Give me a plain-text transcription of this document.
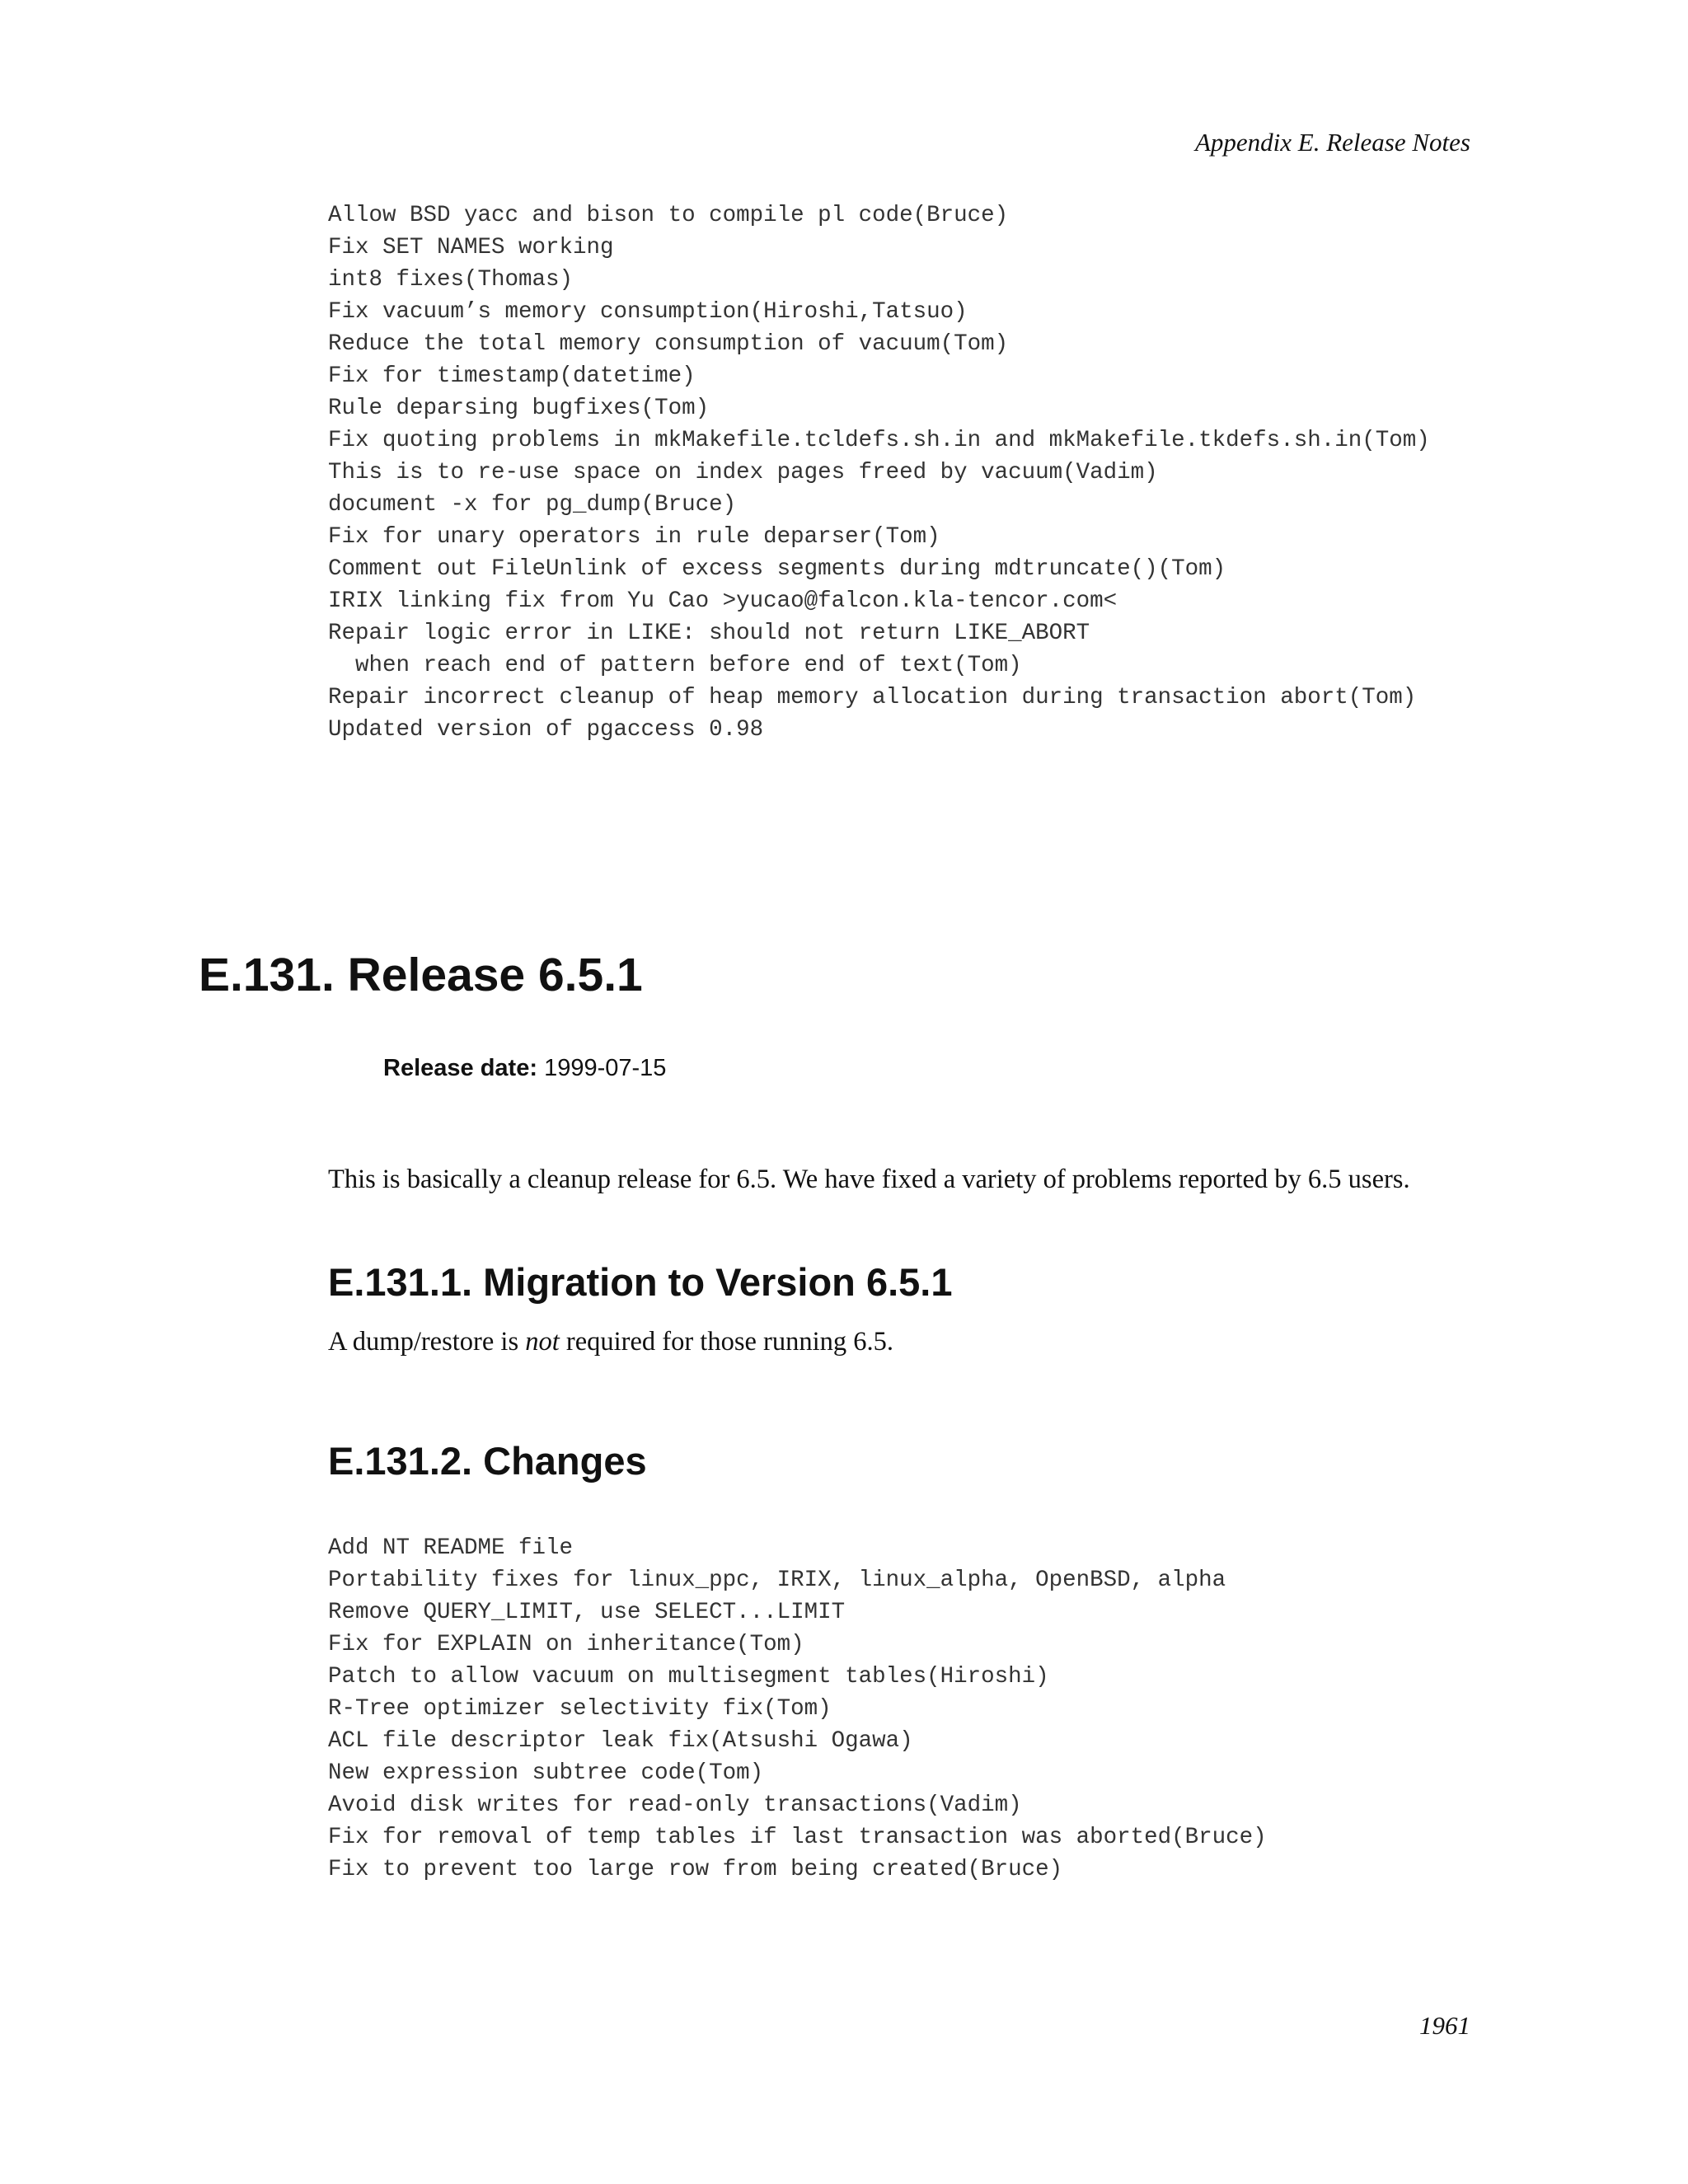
Appendix E. Release Notes
Allow BSD yacc and bison to compile pl code(Bruce)
Fix SET NAMES working
int8 fixes(Thomas)
Fix vacuum’s memory consumption(Hiroshi,Tatsuo)
Reduce the total memory consumption of vacuum(Tom)
Fix for timestamp(datetime)
Rule deparsing bugfixes(Tom)
Fix quoting problems in mkMakefile.tcldefs.sh.in and mkMakefile.tkdefs.sh.in(Tom)
This is to re-use space on index pages freed by vacuum(Vadim)
document -x for pg_dump(Bruce)
Fix for unary operators in rule deparser(Tom)
Comment out FileUnlink of excess segments during mdtruncate()(Tom)
IRIX linking fix from Yu Cao >yucao@falcon.kla-tencor.com<
Repair logic error in LIKE: should not return LIKE_ABORT
when reach end of pattern before end of text(Tom)
Repair incorrect cleanup of heap memory allocation during transaction abort(Tom)
Updated version of pgaccess 0.98
E.131. Release 6.5.1
Release date: 1999-07-15

This is basically a cleanup release for 6.5. We have fixed a variety of problems reported by 6.5 users.

E.131.1. Migration to Version 6.5.1

A dump/restore is not required for those running 6.5.

E.131.2. Changes
Add NT README file
Portability fixes for linux_ppc, IRIX, linux_alpha, OpenBSD, alpha
Remove QUERY_LIMIT, use SELECT...LIMIT
Fix for EXPLAIN on inheritance(Tom)
Patch to allow vacuum on multisegment tables(Hiroshi)
R-Tree optimizer selectivity fix(Tom)
ACL file descriptor leak fix(Atsushi Ogawa)
New expression subtree code(Tom)
Avoid disk writes for read-only transactions(Vadim)
Fix for removal of temp tables if last transaction was aborted(Bruce)
Fix to prevent too large row from being created(Bruce)
1961
